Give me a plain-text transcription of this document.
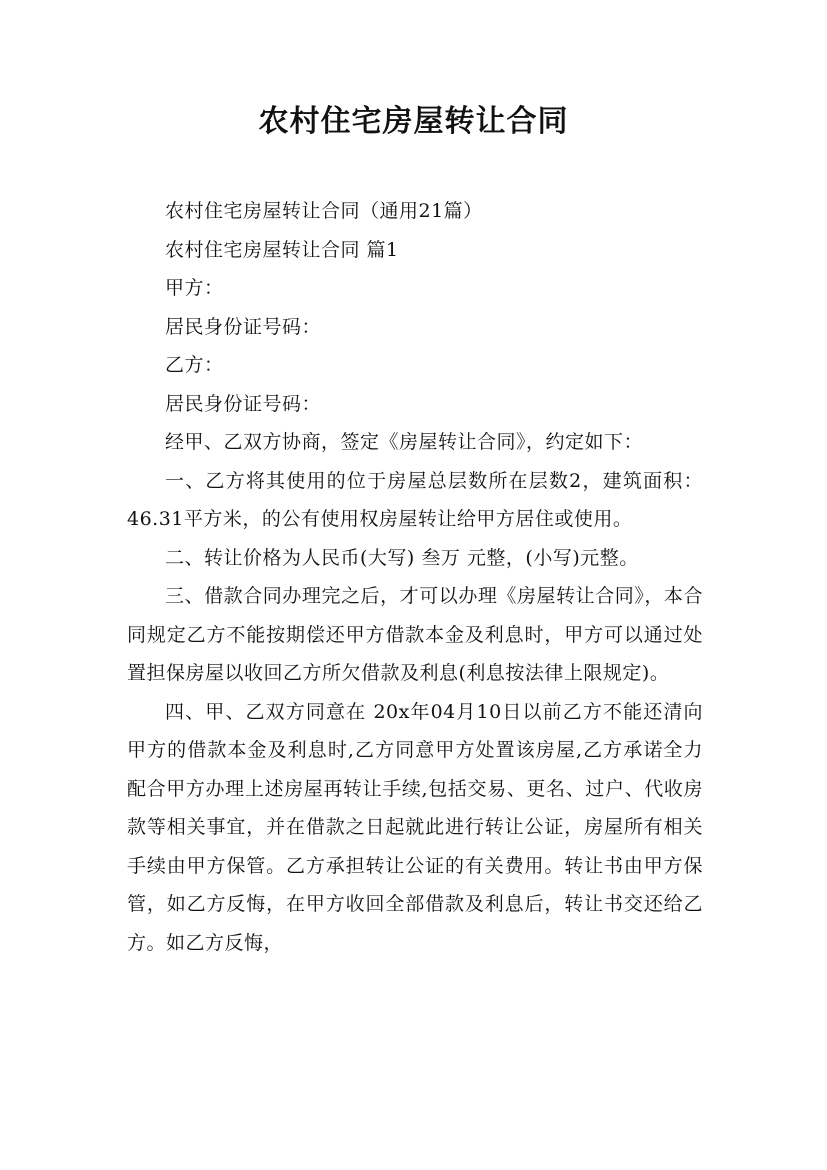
农村住宅房屋转让合同

农村住宅房屋转让合同（通用21篇）

农村住宅房屋转让合同 篇1

甲方：

居民身份证号码：

乙方：

居民身份证号码：

经甲、乙双方协商，签定《房屋转让合同》，约定如下：

一、乙方将其使用的位于房屋总层数所在层数2，建筑面积：46.31平方米，的公有使用权房屋转让给甲方居住或使用。

二、转让价格为人民币(大写) 叁万 元整，(小写)元整。

三、借款合同办理完之后，才可以办理《房屋转让合同》，本合同规定乙方不能按期偿还甲方借款本金及利息时，甲方可以通过处置担保房屋以收回乙方所欠借款及利息(利息按法律上限规定)。

四、甲、乙双方同意在 20x年04月10日以前乙方不能还清向甲方的借款本金及利息时,乙方同意甲方处置该房屋,乙方承诺全力配合甲方办理上述房屋再转让手续,包括交易、更名、过户、代收房款等相关事宜，并在借款之日起就此进行转让公证，房屋所有相关手续由甲方保管。乙方承担转让公证的有关费用。转让书由甲方保管，如乙方反悔，在甲方收回全部借款及利息后，转让书交还给乙方。如乙方反悔，
